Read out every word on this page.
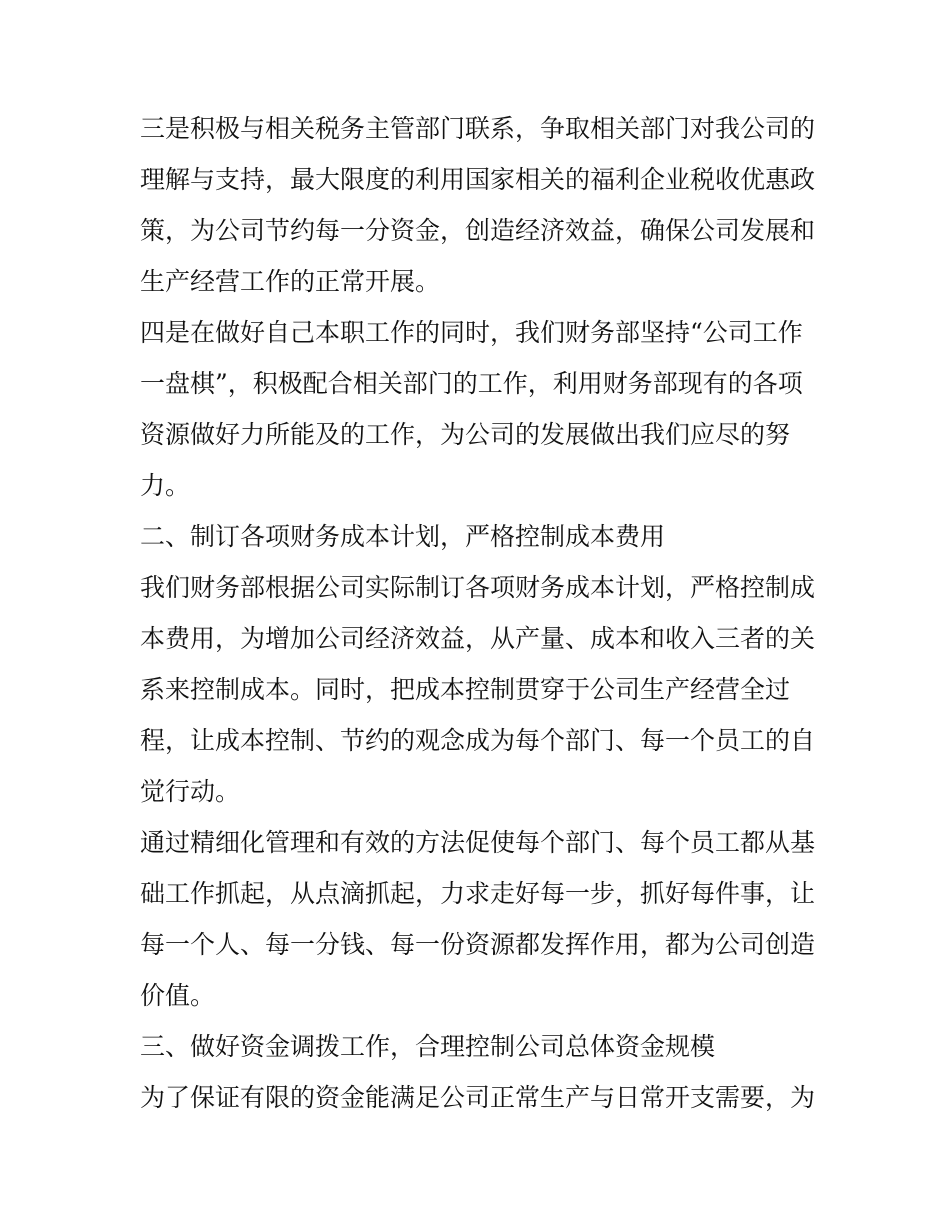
三是积极与相关税务主管部门联系，争取相关部门对我公司的
理解与支持，最大限度的利用国家相关的福利企业税收优惠政
策，为公司节约每一分资金，创造经济效益，确保公司发展和
生产经营工作的正常开展。
四是在做好自己本职工作的同时，我们财务部坚持“公司工作
一盘棋”，积极配合相关部门的工作，利用财务部现有的各项
资源做好力所能及的工作，为公司的发展做出我们应尽的努
力。
二、制订各项财务成本计划，严格控制成本费用
我们财务部根据公司实际制订各项财务成本计划，严格控制成
本费用，为增加公司经济效益，从产量、成本和收入三者的关
系来控制成本。同时，把成本控制贯穿于公司生产经营全过
程，让成本控制、节约的观念成为每个部门、每一个员工的自
觉行动。
通过精细化管理和有效的方法促使每个部门、每个员工都从基
础工作抓起，从点滴抓起，力求走好每一步，抓好每件事，让
每一个人、每一分钱、每一份资源都发挥作用，都为公司创造
价值。
三、做好资金调拨工作，合理控制公司总体资金规模
为了保证有限的资金能满足公司正常生产与日常开支需要，为
